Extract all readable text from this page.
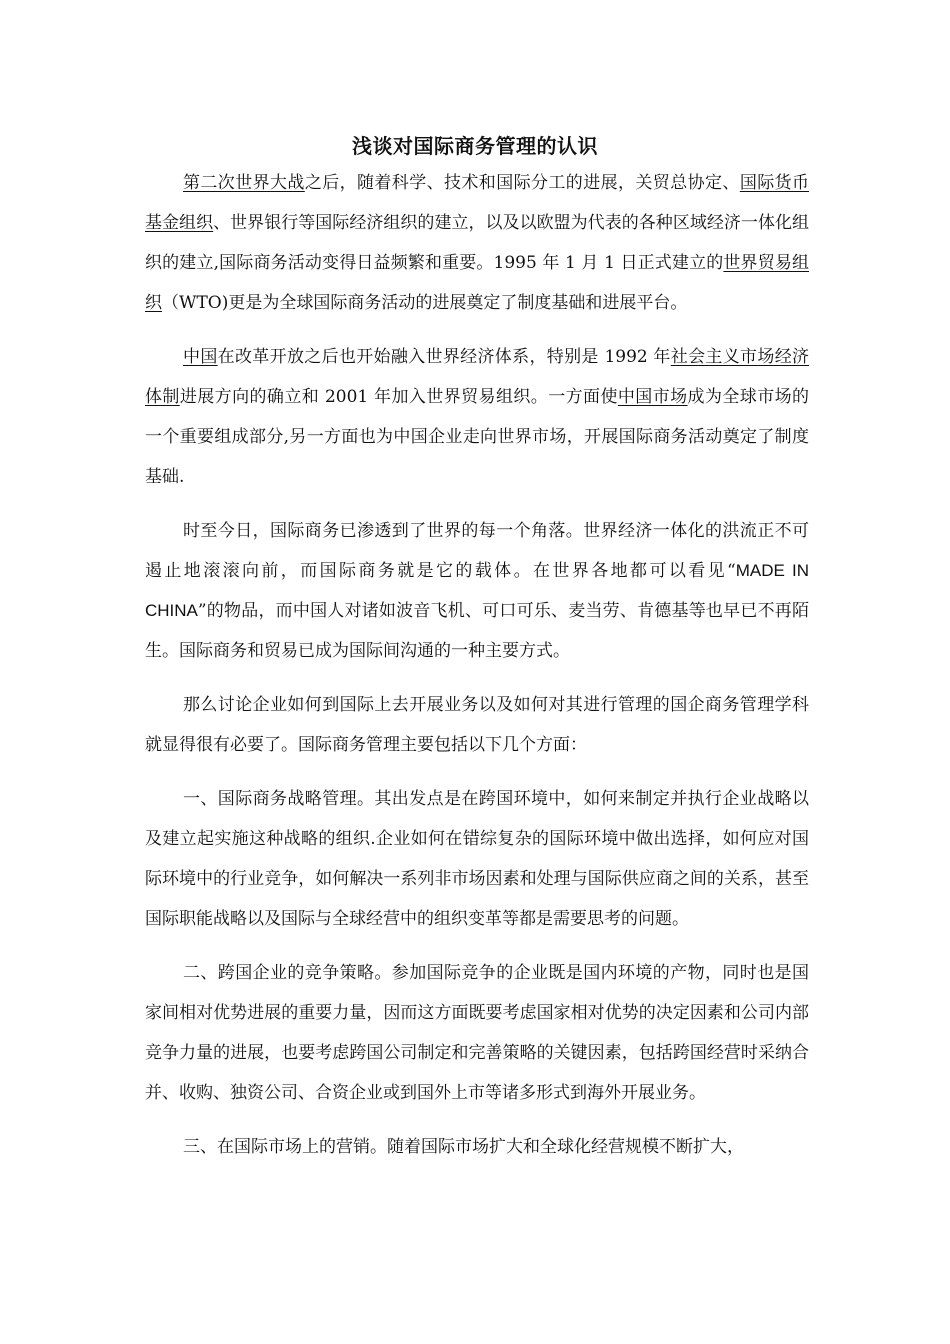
浅谈对国际商务管理的认识

第二次世界大战之后，随着科学、技术和国际分工的进展，关贸总协定、国际货币基金组织、世界银行等国际经济组织的建立，以及以欧盟为代表的各种区域经济一体化组织的建立,国际商务活动变得日益频繁和重要。1995 年 1 月 1 日正式建立的世界贸易组织（WTO)更是为全球国际商务活动的进展奠定了制度基础和进展平台。

中国在改革开放之后也开始融入世界经济体系，特别是 1992 年社会主义市场经济体制进展方向的确立和 2001 年加入世界贸易组织。一方面使中国市场成为全球市场的一个重要组成部分,另一方面也为中国企业走向世界市场，开展国际商务活动奠定了制度基础.

时至今日，国际商务已渗透到了世界的每一个角落。世界经济一体化的洪流正不可遏止地滚滚向前，而国际商务就是它的载体。在世界各地都可以看见“MADE IN CHINA”的物品，而中国人对诸如波音飞机、可口可乐、麦当劳、肯德基等也早已不再陌生。国际商务和贸易已成为国际间沟通的一种主要方式。

那么讨论企业如何到国际上去开展业务以及如何对其进行管理的国企商务管理学科就显得很有必要了。国际商务管理主要包括以下几个方面：

一、国际商务战略管理。其出发点是在跨国环境中，如何来制定并执行企业战略以及建立起实施这种战略的组织.企业如何在错综复杂的国际环境中做出选择，如何应对国际环境中的行业竞争，如何解决一系列非市场因素和处理与国际供应商之间的关系，甚至国际职能战略以及国际与全球经营中的组织变革等都是需要思考的问题。

二、跨国企业的竞争策略。参加国际竞争的企业既是国内环境的产物，同时也是国家间相对优势进展的重要力量，因而这方面既要考虑国家相对优势的决定因素和公司内部竞争力量的进展，也要考虑跨国公司制定和完善策略的关键因素，包括跨国经营时采纳合并、收购、独资公司、合资企业或到国外上市等诸多形式到海外开展业务。

三、在国际市场上的营销。随着国际市场扩大和全球化经营规模不断扩大，
